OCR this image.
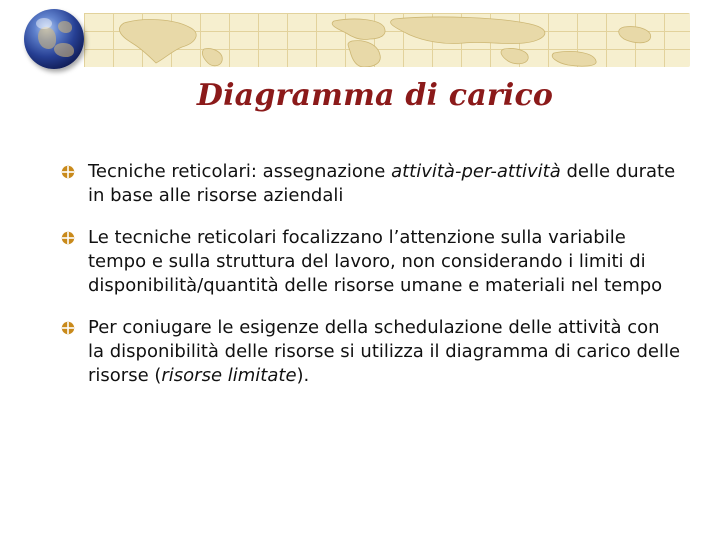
Diagramma di carico
Tecniche reticolari: assegnazione attività-per-attività delle durate in base alle risorse aziendali
Le tecniche reticolari focalizzano l’attenzione sulla variabile tempo e sulla struttura del lavoro, non considerando i limiti di disponibilità/quantità delle risorse umane e materiali nel tempo
Per coniugare le esigenze della schedulazione delle attività con la disponibilità delle risorse si utilizza il diagramma di carico delle risorse (risorse limitate).
